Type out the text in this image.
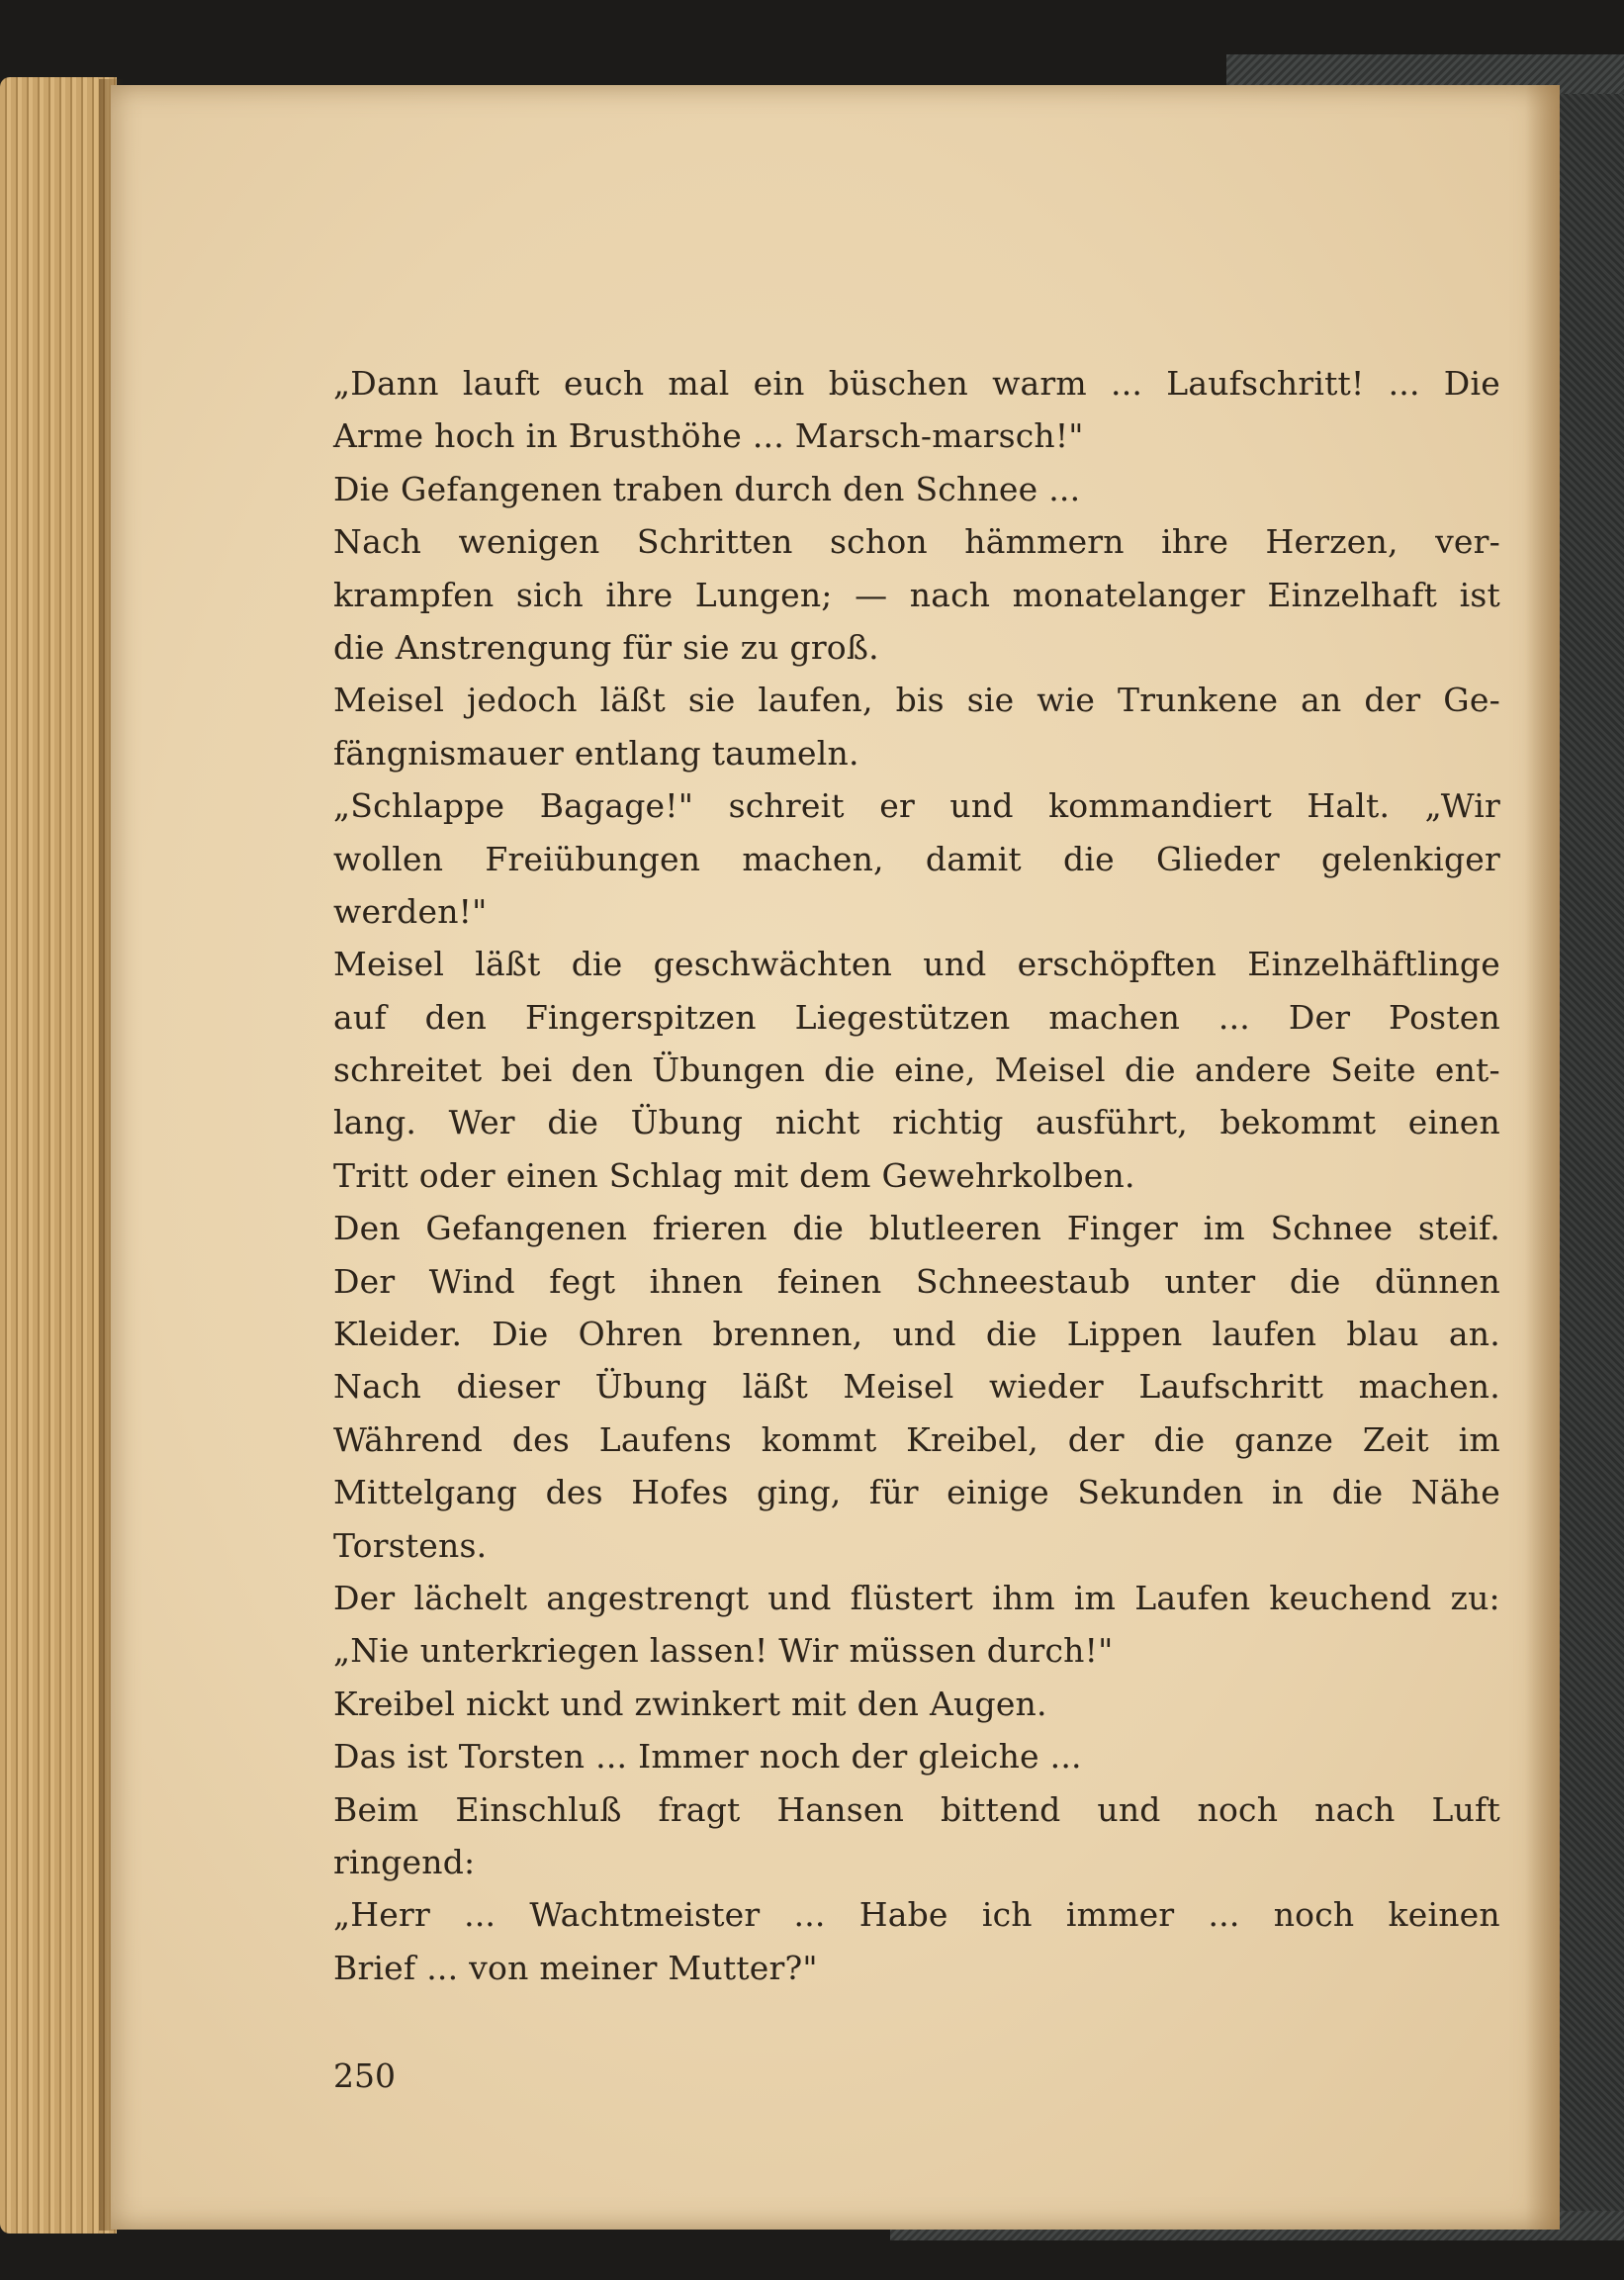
„Dann lauft euch mal ein büschen warm ... Laufschritt! ... Die
Arme hoch in Brusthöhe ... Marsch-marsch!"
Die Gefangenen traben durch den Schnee ...
Nach wenigen Schritten schon hämmern ihre Herzen, ver-
krampfen sich ihre Lungen; — nach monatelanger Einzelhaft ist
die Anstrengung für sie zu groß.
Meisel jedoch läßt sie laufen, bis sie wie Trunkene an der Ge-
fängnismauer entlang taumeln.
„Schlappe Bagage!" schreit er und kommandiert Halt. „Wir
wollen Freiübungen machen, damit die Glieder gelenkiger
werden!"
Meisel läßt die geschwächten und erschöpften Einzelhäftlinge
auf den Fingerspitzen Liegestützen machen ... Der Posten
schreitet bei den Übungen die eine, Meisel die andere Seite ent-
lang. Wer die Übung nicht richtig ausführt, bekommt einen
Tritt oder einen Schlag mit dem Gewehrkolben.
Den Gefangenen frieren die blutleeren Finger im Schnee steif.
Der Wind fegt ihnen feinen Schneestaub unter die dünnen
Kleider. Die Ohren brennen, und die Lippen laufen blau an.
Nach dieser Übung läßt Meisel wieder Laufschritt machen.
Während des Laufens kommt Kreibel, der die ganze Zeit im
Mittelgang des Hofes ging, für einige Sekunden in die Nähe
Torstens.
Der lächelt angestrengt und flüstert ihm im Laufen keuchend zu:
„Nie unterkriegen lassen! Wir müssen durch!"
Kreibel nickt und zwinkert mit den Augen.
Das ist Torsten ... Immer noch der gleiche ...
Beim Einschluß fragt Hansen bittend und noch nach Luft
ringend:
„Herr ... Wachtmeister ... Habe ich immer ... noch keinen
Brief ... von meiner Mutter?"
250
